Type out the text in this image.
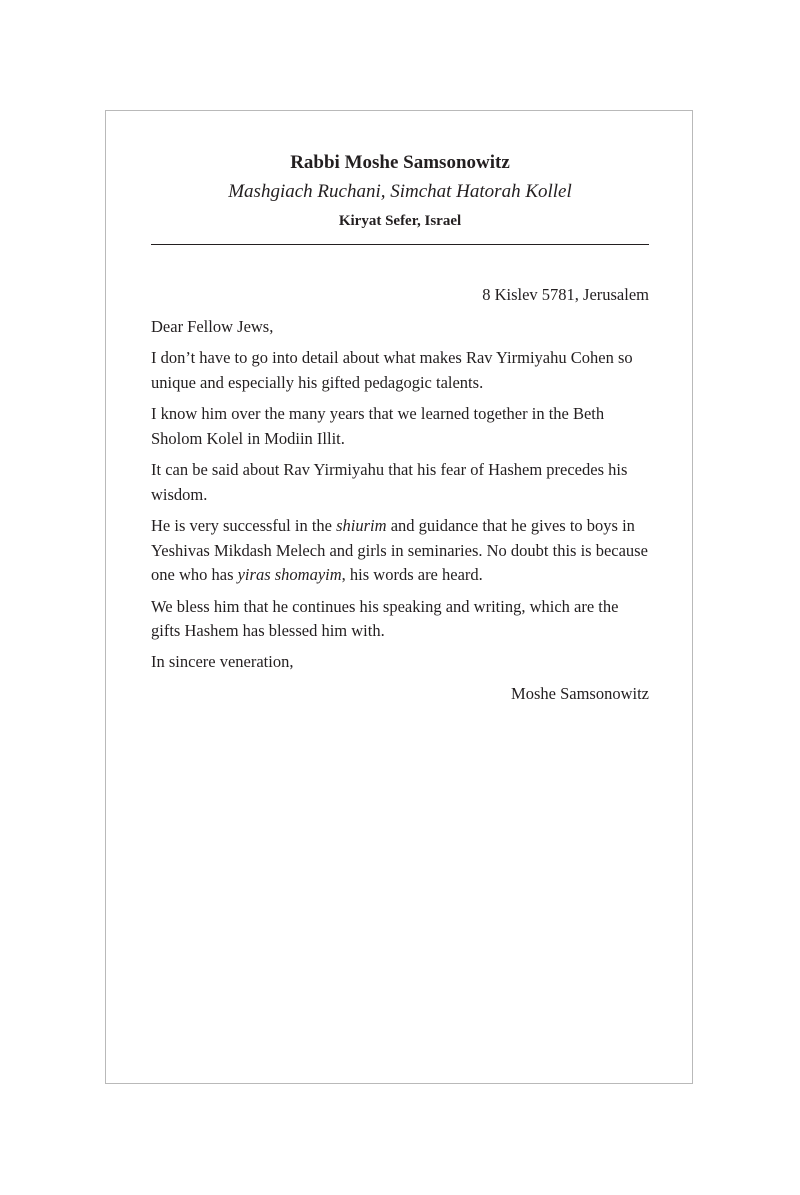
Rabbi Moshe Samsonowitz

Mashgiach Ruchani, Simchat Hatorah Kollel

Kiryat Sefer, Israel

8 Kislev 5781, Jerusalem

Dear Fellow Jews,

I don’t have to go into detail about what makes Rav Yirmiyahu Cohen so unique and especially his gifted pedagogic talents.

I know him over the many years that we learned together in the Beth Sholom Kolel in Modiin Illit.

It can be said about Rav Yirmiyahu that his fear of Hashem precedes his wisdom.

He is very successful in the shiurim and guidance that he gives to boys in Yeshivas Mikdash Melech and girls in seminaries. No doubt this is because one who has yiras shomayim, his words are heard.

We bless him that he continues his speaking and writing, which are the gifts Hashem has blessed him with.

In sincere veneration,

Moshe Samsonowitz
